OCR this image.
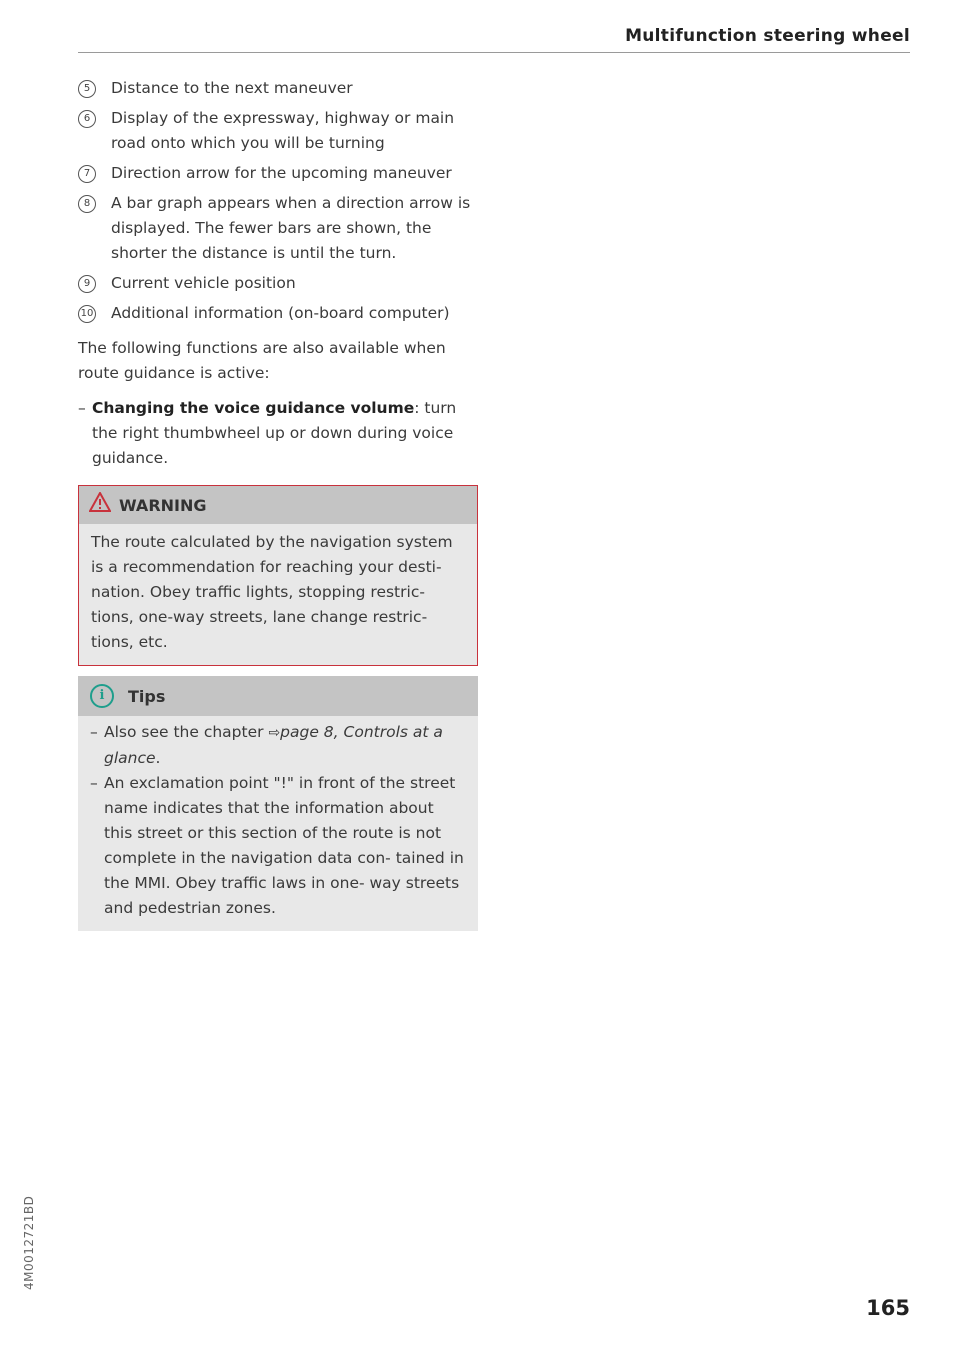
Multifunction steering wheel
5	Distance to the next maneuver
6	Display of the expressway, highway or main road onto which you will be turning
7	Direction arrow for the upcoming maneuver
8	A bar graph appears when a direction arrow is displayed. The fewer bars are shown, the shorter the distance is until the turn.
9	Current vehicle position
10 Additional information (on-board computer)
The following functions are also available when route guidance is active:
– Changing the voice guidance volume: turn the right thumbwheel up or down during voice guidance.
WARNING
The route calculated by the navigation system is a recommendation for reaching your desti- nation. Obey traffic lights, stopping restric- tions, one-way streets, lane change restric- tions, etc.
i	Tips
– Also see the chapter ⇨page 8, Controls at a glance.
– An exclamation point "!" in front of the street name indicates that the information about this street or this section of the route is not complete in the navigation data con- tained in the MMI. Obey traffic laws in one- way streets and pedestrian zones.
4M0012721BD
165
